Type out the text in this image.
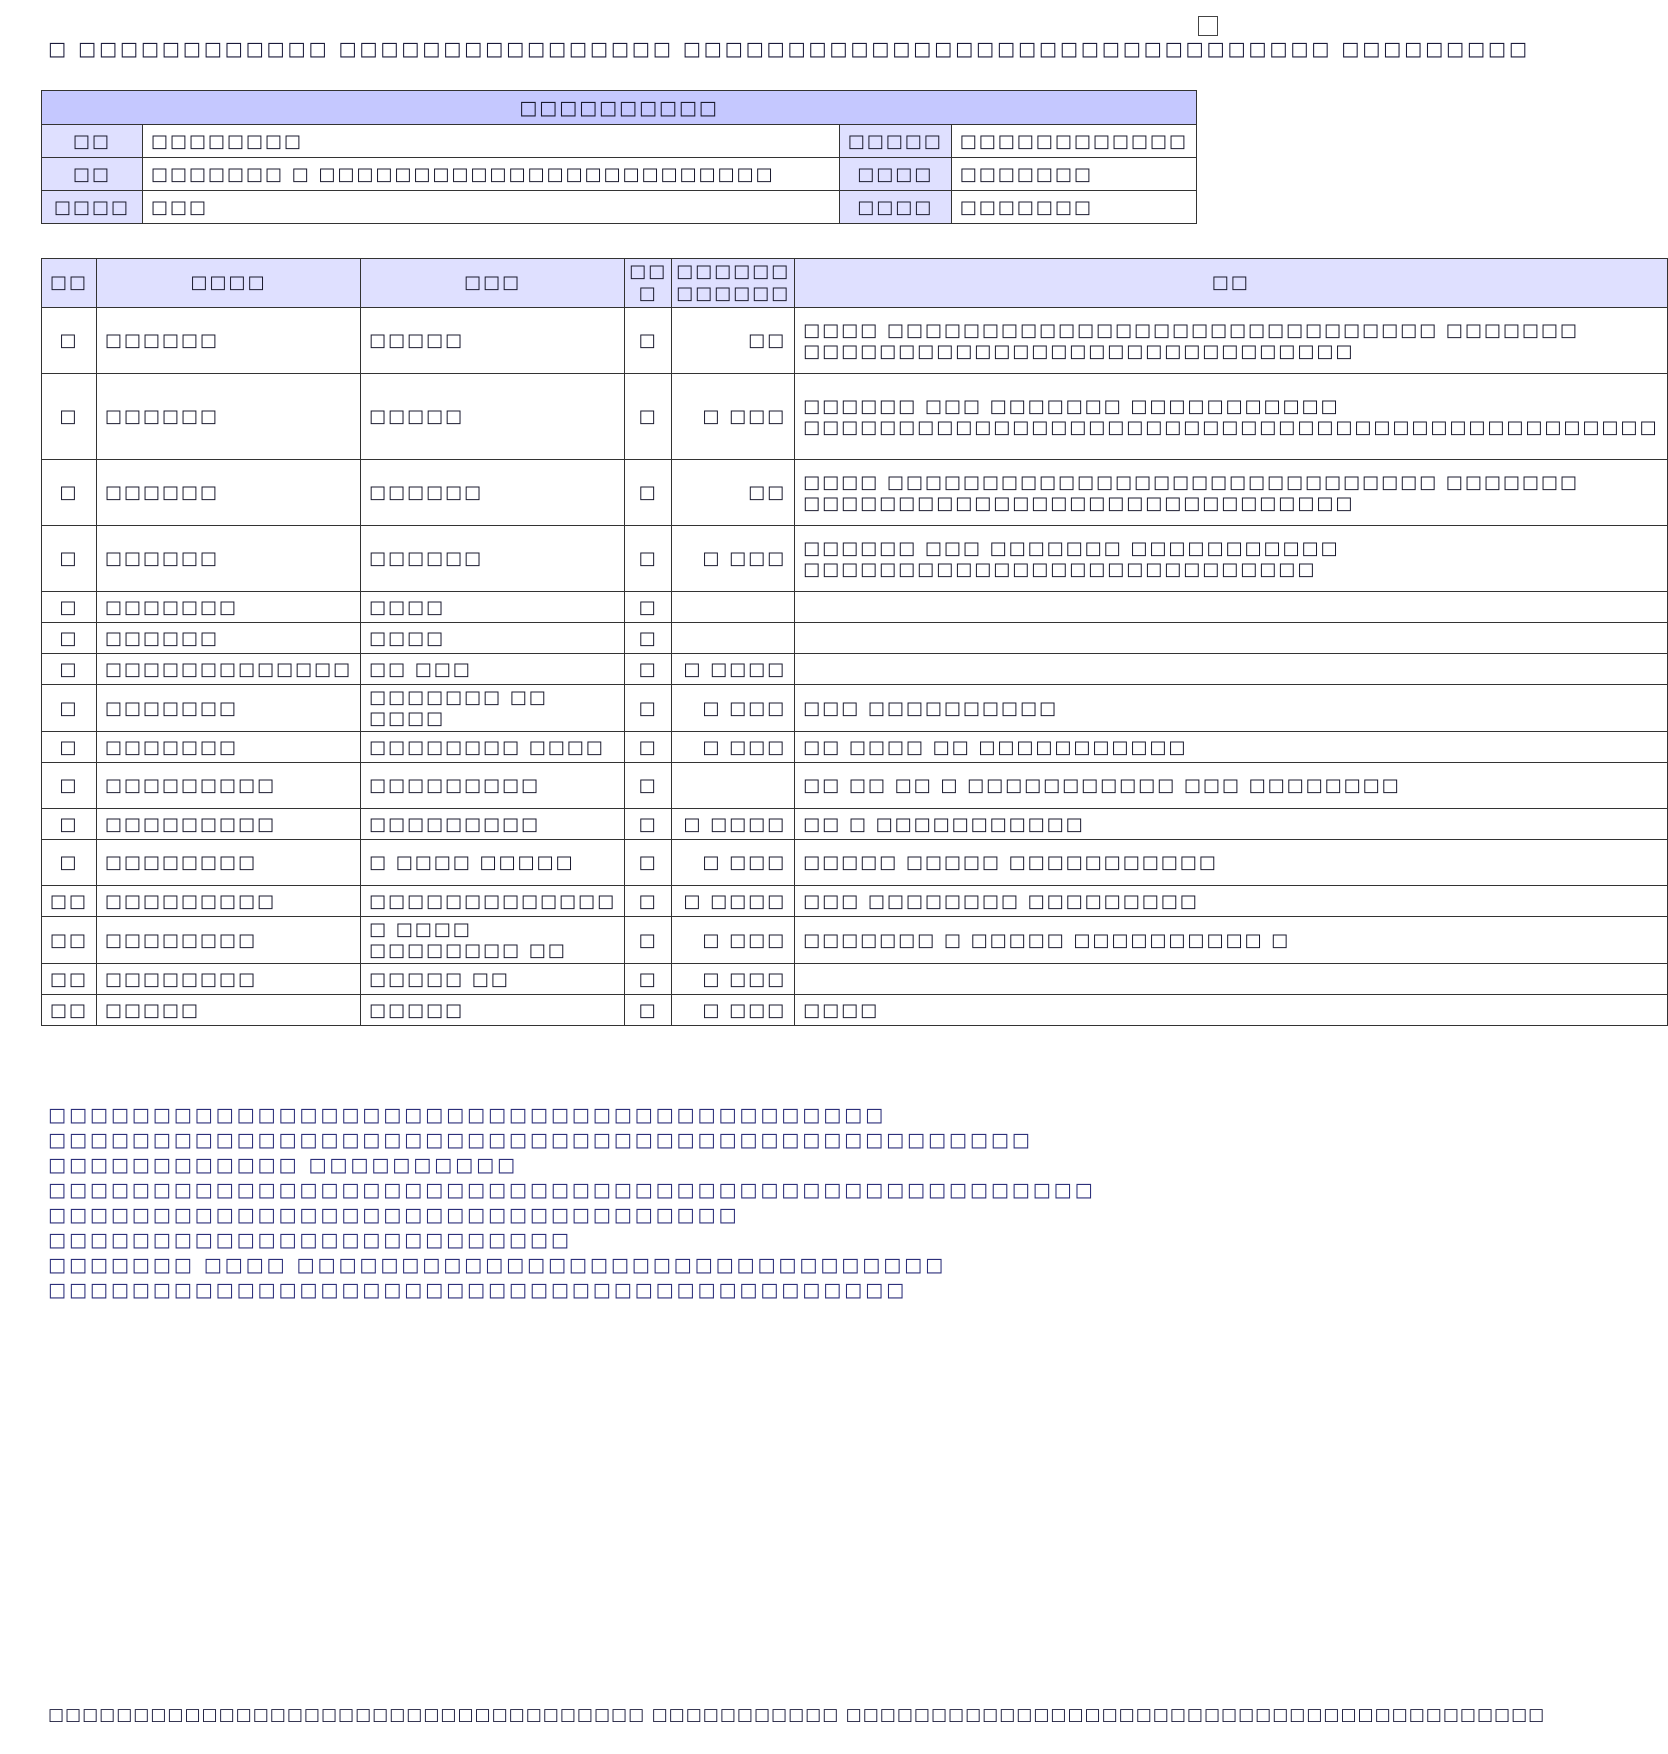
□ □□□□□□□□□□□□ □□□□□□□□□□□□□□□□ □□□□□□□□□□□□□□□□□□□□□□□□□□□□□□□ □□□□□□□□□
□□□□□□□□□□			
□□	□□□□□□□□	□□□□□	□□□□□□□□□□□□
□□	□□□□□□□ □ □□□□□□□□□□□□□□□□□□□□□□□□	□□□□	□□□□□□□
□□□□	□□□	□□□□	□□□□□□□
□□	□□□□	□□□	□□ □	□□□□□□ □□□□□□	□□
□	□□□□□□	□□□□□	□	□□	□□□□ □□□□□□□□□□□□□□□□□□□□□□□□□□□□□ □□□□□□□ □□□□□□□□□□□□□□□□□□□□□□□□□□□□□
□	□□□□□□	□□□□□	□	□ □□□	□□□□□□ □□□ □□□□□□□ □□□□□□□□□□□ □□□□□□□□□□□□□□□□□□□□□□□□□□□□□□□□□□□□□□□□□□□□□
□	□□□□□□	□□□□□□	□	□□	□□□□ □□□□□□□□□□□□□□□□□□□□□□□□□□□□□ □□□□□□□ □□□□□□□□□□□□□□□□□□□□□□□□□□□□□
□	□□□□□□	□□□□□□	□	□ □□□	□□□□□□ □□□ □□□□□□□ □□□□□□□□□□□ □□□□□□□□□□□□□□□□□□□□□□□□□□□
□	□□□□□□□	□□□□	□		
□	□□□□□□	□□□□	□		
□	□□□□□□□□□□□□□	□□ □□□	□	□ □□□□	
□	□□□□□□□	□□□□□□□ □□ □□□□	□	□ □□□	□□□ □□□□□□□□□□
□	□□□□□□□	□□□□□□□□ □□□□	□	□ □□□	□□ □□□□ □□ □□□□□□□□□□□
□	□□□□□□□□□	□□□□□□□□□	□		□□ □□ □□ □ □□□□□□□□□□□ □□□ □□□□□□□□
□	□□□□□□□□□	□□□□□□□□□	□	□ □□□□	□□ □ □□□□□□□□□□□
□	□□□□□□□□	□ □□□□ □□□□□	□	□ □□□	□□□□□ □□□□□ □□□□□□□□□□□
□□	□□□□□□□□□	□□□□□□□□□□□□□	□	□ □□□□	□□□ □□□□□□□□ □□□□□□□□□
□□	□□□□□□□□	□ □□□□ □□□□□□□□ □□	□	□ □□□	□□□□□□□ □ □□□□□ □□□□□□□□□□ □
□□	□□□□□□□□	□□□□□ □□	□	□ □□□	
□□	□□□□□	□□□□□	□	□ □□□	□□□□

□□□□□□□□□□□□□□□□□□□□□□□□□□□□□□□□□□□□□□□□

□□□□□□□□□□□□□□□□□□□□□□□□□□□□□□□□□□□□□□□□□□□□□□□

□□□□□□□□□□□□ □□□□□□□□□□

□□□□□□□□□□□□□□□□□□□□□□□□□□□□□□□□□□□□□□□□□□□□□□□□□□

□□□□□□□□□□□□□□□□□□□□□□□□□□□□□□□□□

□□□□□□□□□□□□□□□□□□□□□□□□□

□□□□□□□ □□□□ □□□□□□□□□□□□□□□□□□□□□□□□□□□□□□□

□□□□□□□□□□□□□□□□□□□□□□□□□□□□□□□□□□□□□□□□□

□□□□□□□□□□□□□□□□□□□□□□□□□□□□□□□□□□□ □□□□□□□□□□□ □□□□□□□□□□□□□□□□□□□□□□□□□□□□□□□□□□□□□□□□□
